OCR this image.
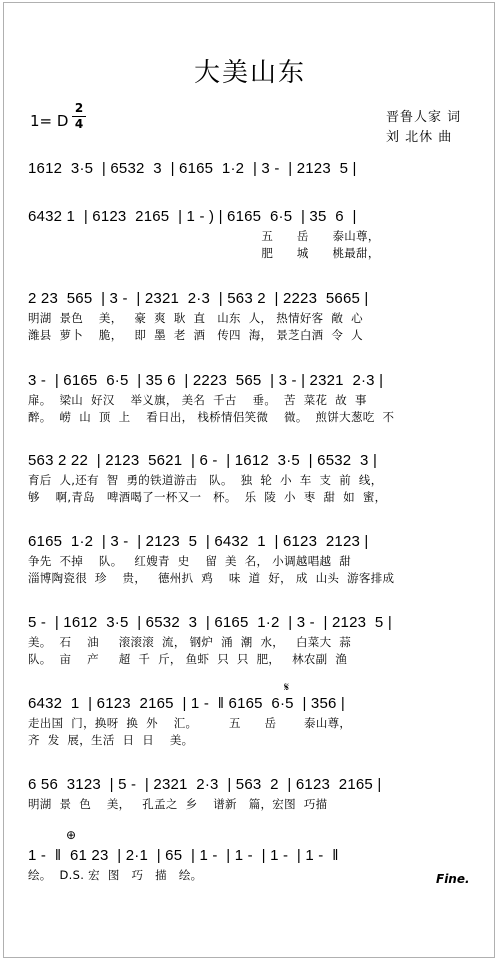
大美山东
1= D
2
4	晋鲁人家 词
刘 北休 曲
1612  3·5  | 6532  3  | 6165  1·2  | 3 -  | 2123  5 |
6432 1  | 6123  2165  | 1 - ) | 6165  6·5  | 35  6  |
五      岳      泰山尊，
肥      城      桃最甜，
2 23  565  | 3 -  | 2321  2·3  | 563 2  | 2223  5665 |
明湖  景色    美，   豪  爽  耿  直   山东  人， 热情好客  敞  心
潍县  萝卜    脆，   即  墨  老  酒   传四  海， 景芝白酒  令  人
3 -  | 6165  6·5  | 35 6  | 2223  565  | 3 - | 2321  2·3 |
扉。  梁山  好汉    举义旗， 美名  千古    垂。  苦  菜花  故  事
醉。  崂  山  顶  上    看日出， 栈桥情侣笑微    微。  煎饼大葱吃  不
563 2 22  | 2123  5621  | 6 -  | 1612  3·5  | 6532  3 |
育后  人,还有  智  勇的铁道游击   队。  独  轮  小  车  支  前  线，
够    啊,青岛   啤酒喝了一杯又一   杯。  乐  陵  小  枣  甜  如  蜜，
6165  1·2  | 3 -  | 2123  5  | 6432  1  | 6123  2123 |
争先  不掉    队。   红嫂青  史    留  美  名， 小调越唱越  甜
淄博陶瓷很  珍    贵，   德州扒  鸡    味  道  好， 成  山头  游客排成
5 -  | 1612  3·5  | 6532  3  | 6165  1·2  | 3 -  | 2123  5 |
美。  石    油     滚滚滚  流， 钢炉  涌  潮  水，   白菜大  蒜
队。  亩    产     超  千  斤， 鱼虾  只  只  肥，   林农副  渔
6432  1  | 6123  2165  | 1 -  ‖ 6165  6·5  | 356 |
走出国  门，换呀  换  外    汇。        五      岳       泰山尊，
齐  发  展，生活  日  日    美。
𝄋
6 56  3123  | 5 -  | 2321  2·3  | 563  2  | 6123  2165 |
明湖  景  色    美，   孔孟之  乡    谱新   篇，宏图  巧描
⊕
1 -  ‖  61 23  | 2·1  | 65  | 1 -  | 1 -  | 1 -  | 1 -  ‖
绘。  D.S. 宏  图   巧   描   绘。	Fine.
